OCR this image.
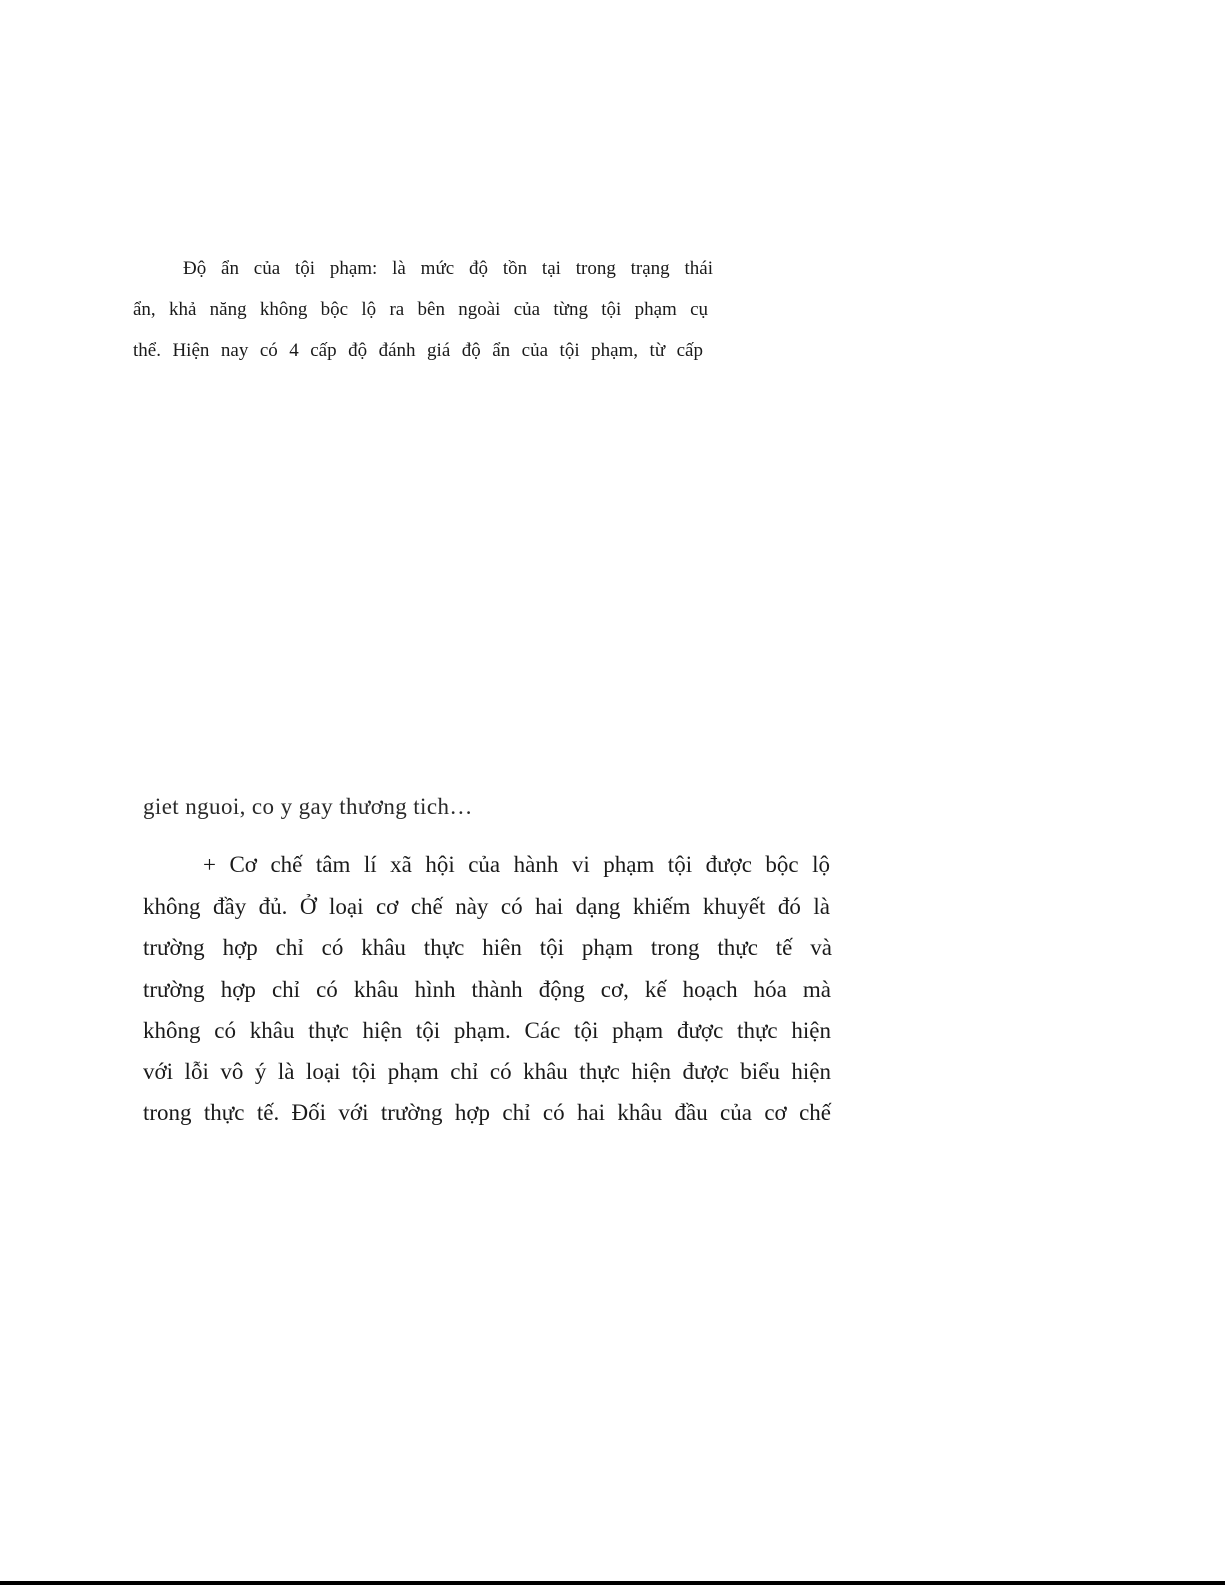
Độ ẩn của tội phạm: là mức độ tồn tại trong trạng thái
ẩn, khả năng không bộc lộ ra bên ngoài của từng tội phạm cụ
thể. Hiện nay có 4 cấp độ đánh giá độ ẩn của tội phạm, từ cấp
giet nguoi, co y gay thương tich…
+ Cơ chế tâm lí xã hội của hành vi phạm tội được bộc lộ
không đầy đủ. Ở loại cơ chế này có hai dạng khiếm khuyết đó là
trường hợp chỉ có khâu thực hiên tội phạm trong thực tế và
trường hợp chỉ có khâu hình thành động cơ, kế hoạch hóa mà
không có khâu thực hiện tội phạm. Các tội phạm được thực hiện
với lỗi vô ý là loại tội phạm chỉ có khâu thực hiện được biểu hiện
trong thực tế. Đối với trường hợp chỉ có hai khâu đầu của cơ chế
